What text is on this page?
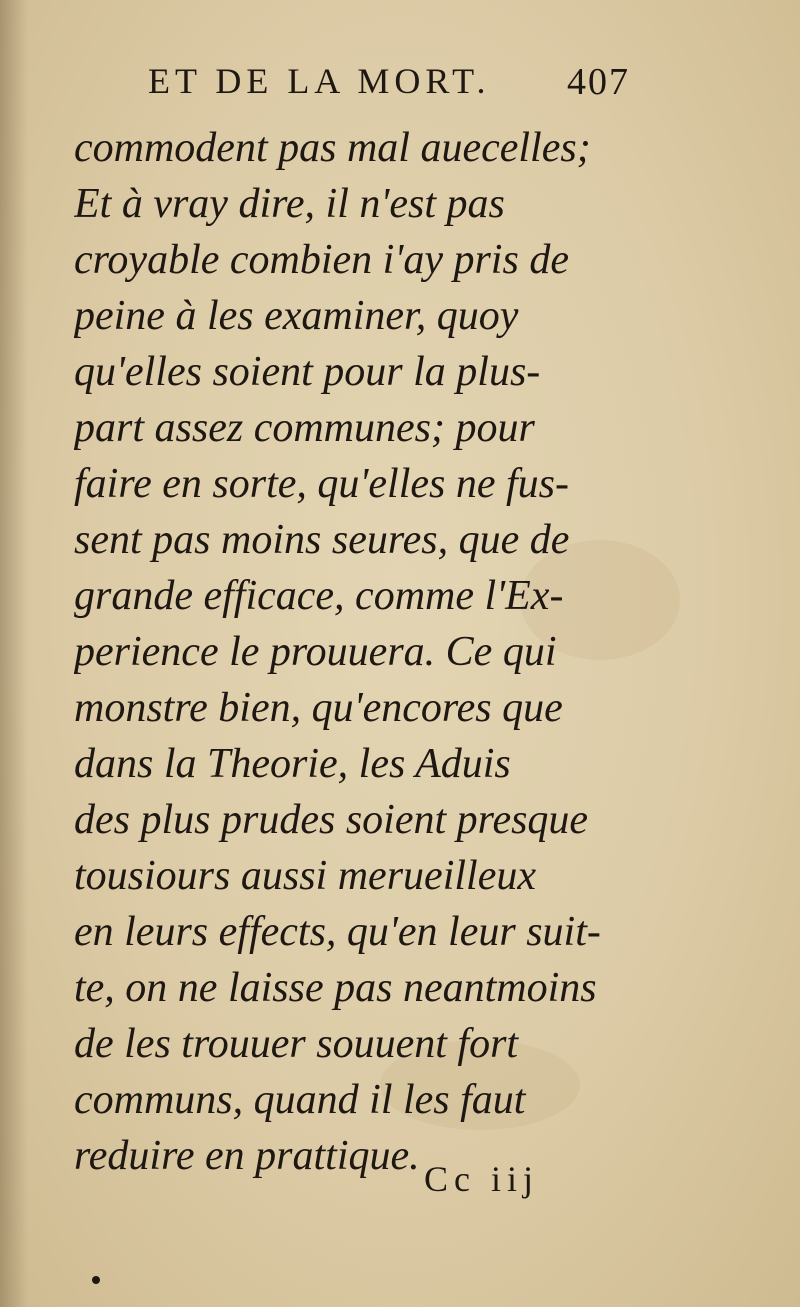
ET DE LA MORT. 407
commodent pas mal auecelles;
Et à vray dire, il n'est pas
croyable combien i'ay pris de
peine à les examiner, quoy
qu'elles soient pour la plus-
part assez communes; pour
faire en sorte, qu'elles ne fus-
sent pas moins seures, que de
grande efficace, comme l'Ex-
perience le prouuera. Ce qui
monstre bien, qu'encores que
dans la Theorie, les Aduis
des plus prudes soient presque
tousiours aussi merueilleux
en leurs effects, qu'en leur suit-
te, on ne laisse pas neantmoins
de les trouuer souuent fort
communs, quand il les faut
reduire en prattique. Cc iij
